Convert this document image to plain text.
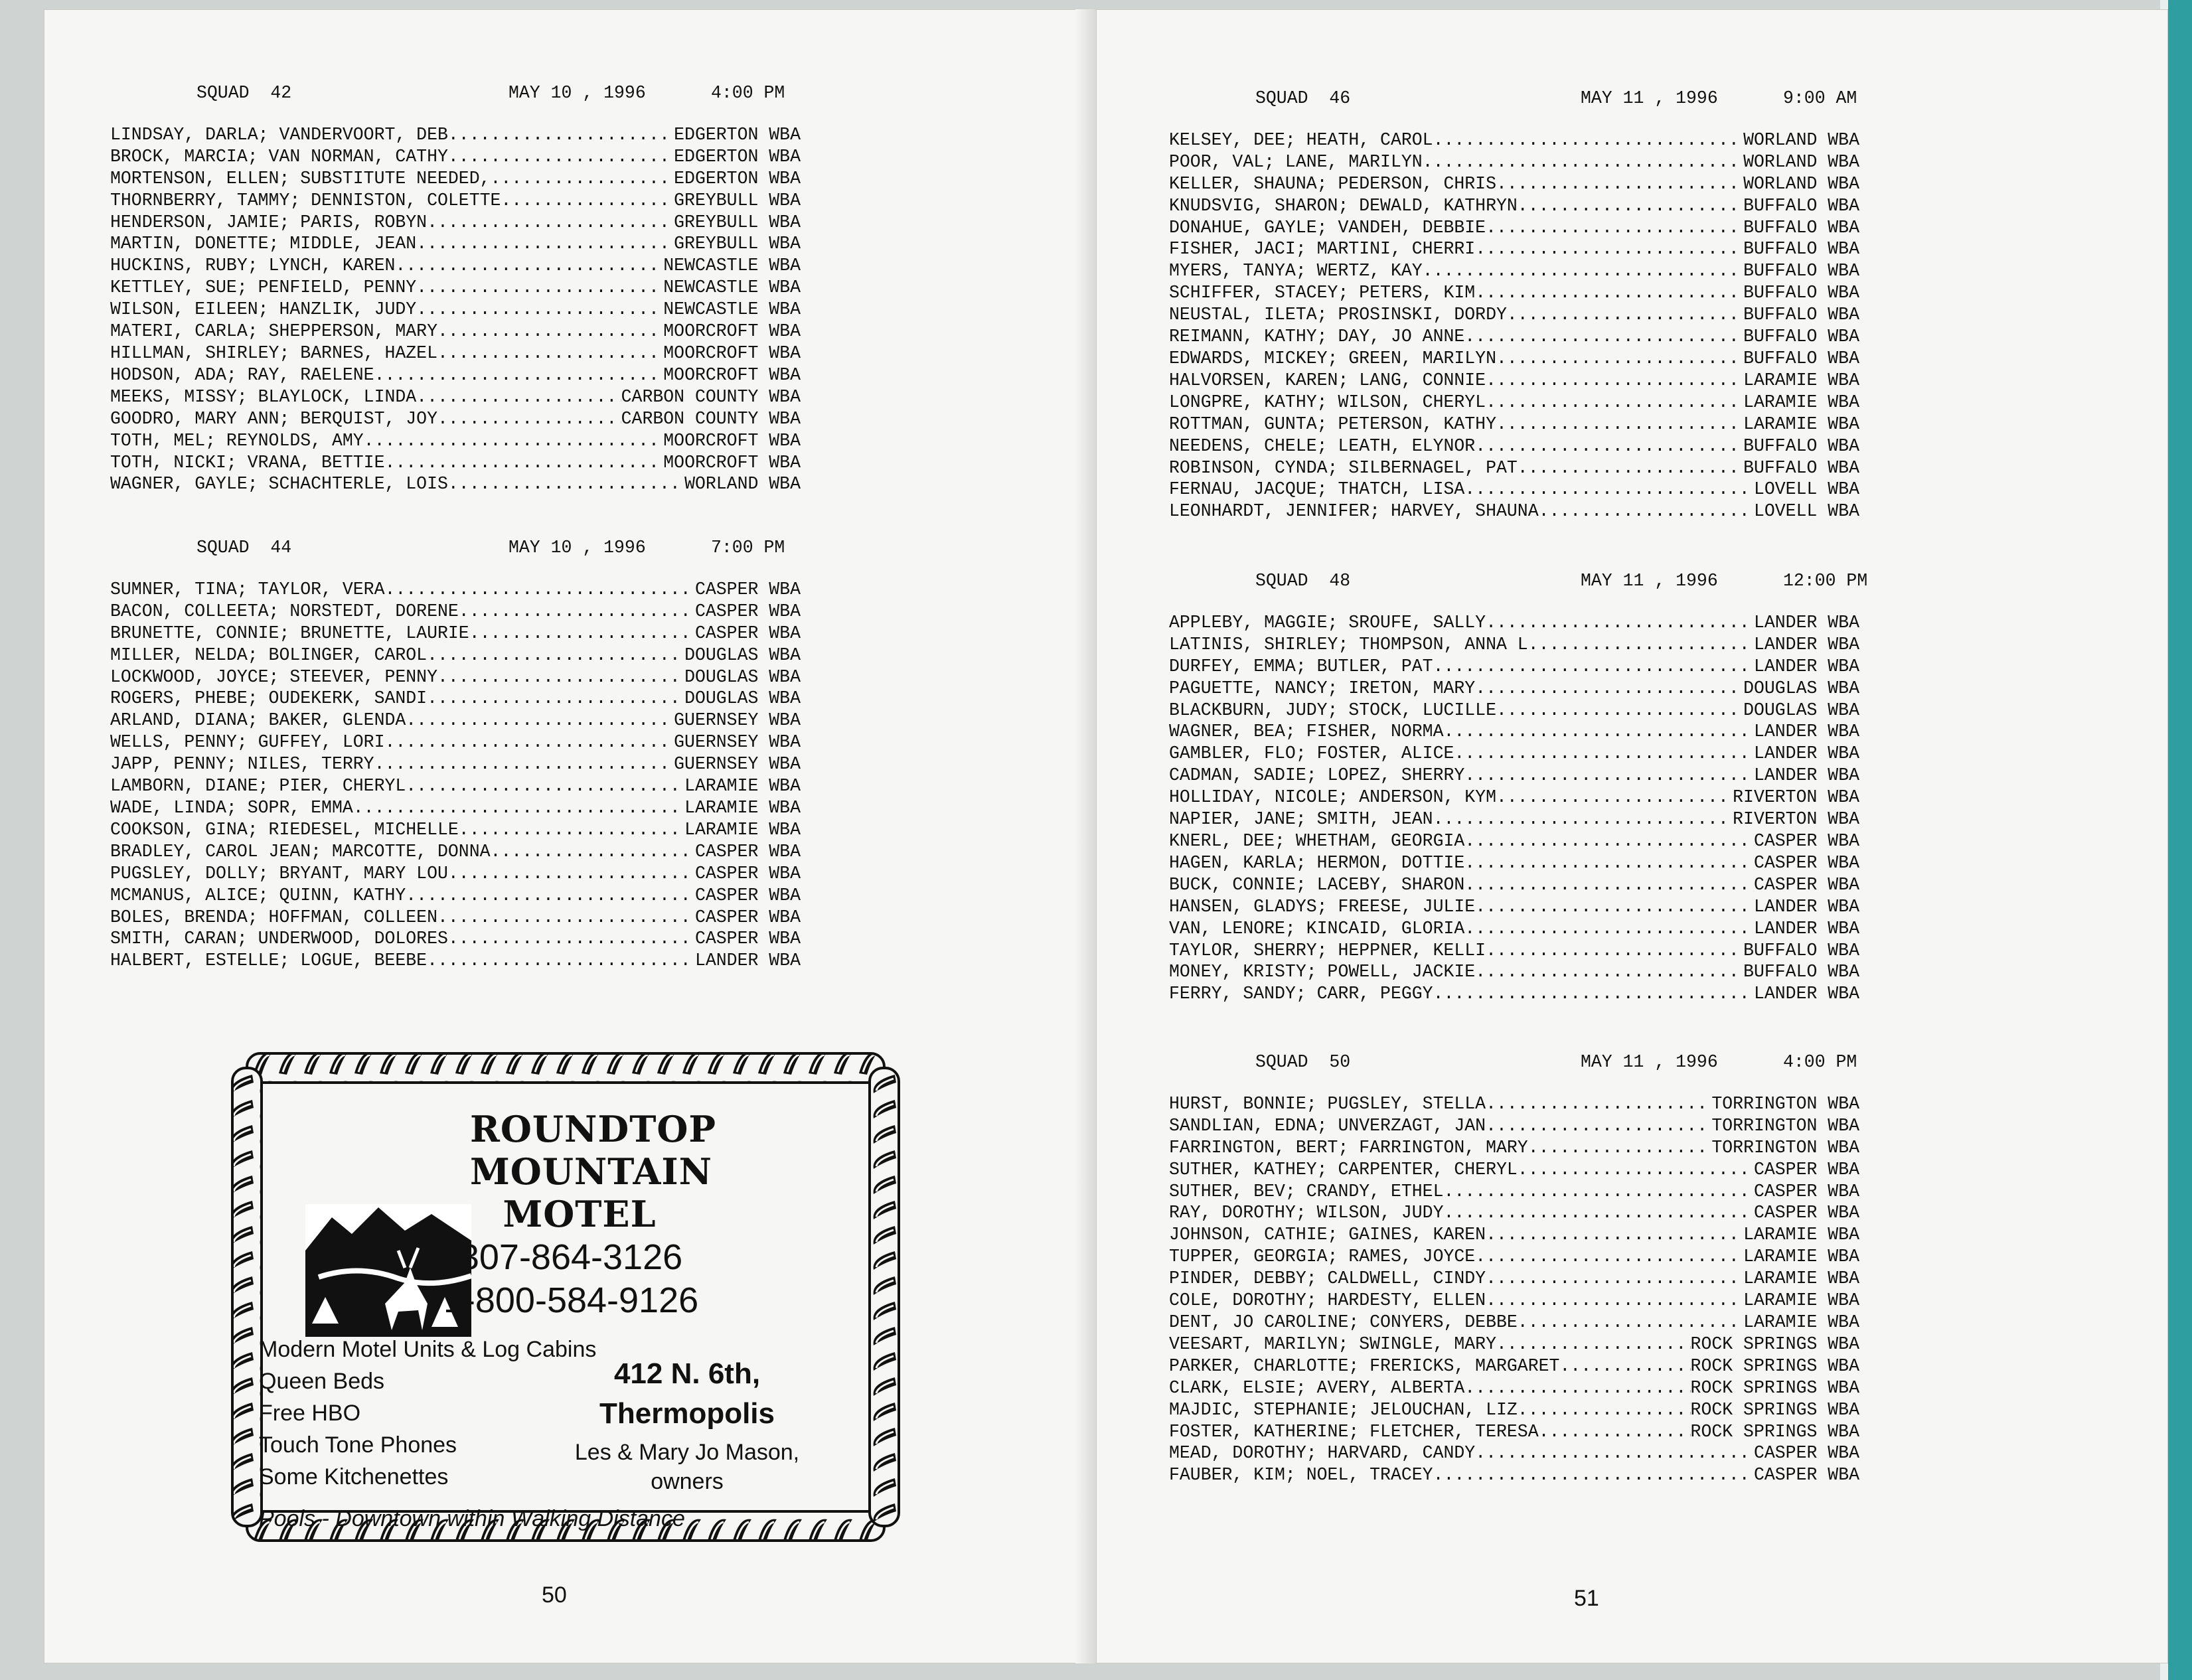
SQUAD  42	MAY 10 , 1996	4:00 PM
LINDSAY, DARLA; VANDERVOORT, DEB .....	EDGERTON WBA
BROCK, MARCIA; VAN NORMAN, CATHY .....	EDGERTON WBA
MORTENSON, ELLEN; SUBSTITUTE NEEDED, .....	EDGERTON WBA
THORNBERRY, TAMMY; DENNISTON, COLETTE .....	GREYBULL WBA
HENDERSON, JAMIE; PARIS, ROBYN .....	GREYBULL WBA
MARTIN, DONETTE; MIDDLE, JEAN .....	GREYBULL WBA
HUCKINS, RUBY; LYNCH, KAREN .....	NEWCASTLE WBA
KETTLEY, SUE; PENFIELD, PENNY .....	NEWCASTLE WBA
WILSON, EILEEN; HANZLIK, JUDY .....	NEWCASTLE WBA
MATERI, CARLA; SHEPPERSON, MARY .....	MOORCROFT WBA
HILLMAN, SHIRLEY; BARNES, HAZEL .....	MOORCROFT WBA
HODSON, ADA; RAY, RAELENE .....	MOORCROFT WBA
MEEKS, MISSY; BLAYLOCK, LINDA .....	CARBON COUNTY WBA
GOODRO, MARY ANN; BERQUIST, JOY .....	CARBON COUNTY WBA
TOTH, MEL; REYNOLDS, AMY .....	MOORCROFT WBA
TOTH, NICKI; VRANA, BETTIE .....	MOORCROFT WBA
WAGNER, GAYLE; SCHACHTERLE, LOIS .....	WORLAND WBA
SQUAD  44	MAY 10 , 1996	7:00 PM
SUMNER, TINA; TAYLOR, VERA .....	CASPER WBA
BACON, COLLEETA; NORSTEDT, DORENE .....	CASPER WBA
BRUNETTE, CONNIE; BRUNETTE, LAURIE .....	CASPER WBA
MILLER, NELDA; BOLINGER, CAROL .....	DOUGLAS WBA
LOCKWOOD, JOYCE; STEEVER, PENNY .....	DOUGLAS WBA
ROGERS, PHEBE; OUDEKERK, SANDI .....	DOUGLAS WBA
ARLAND, DIANA; BAKER, GLENDA .....	GUERNSEY WBA
WELLS, PENNY; GUFFEY, LORI .....	GUERNSEY WBA
JAPP, PENNY; NILES, TERRY .....	GUERNSEY WBA
LAMBORN, DIANE; PIER, CHERYL .....	LARAMIE WBA
WADE, LINDA; SOPR, EMMA .....	LARAMIE WBA
COOKSON, GINA; RIEDESEL, MICHELLE .....	LARAMIE WBA
BRADLEY, CAROL JEAN; MARCOTTE, DONNA .....	CASPER WBA
PUGSLEY, DOLLY; BRYANT, MARY LOU .....	CASPER WBA
MCMANUS, ALICE; QUINN, KATHY .....	CASPER WBA
BOLES, BRENDA; HOFFMAN, COLLEEN .....	CASPER WBA
SMITH, CARAN; UNDERWOOD, DOLORES .....	CASPER WBA
HALBERT, ESTELLE; LOGUE, BEEBE .....	LANDER WBA
ROUNDTOP
MOUNTAIN
MOTEL
307-864-3126
1-800-584-9126
Modern Motel Units & Log Cabins
Queen Beds
Free HBO
Touch Tone Phones
Some Kitchenettes
412 N. 6th,
Thermopolis
Les & Mary Jo Mason,
owners
Pools - Downtown within Walking Distance
50
SQUAD  46	MAY 11 , 1996	9:00 AM
KELSEY, DEE; HEATH, CAROL .....	WORLAND WBA
POOR, VAL; LANE, MARILYN .....	WORLAND WBA
KELLER, SHAUNA; PEDERSON, CHRIS .....	WORLAND WBA
KNUDSVIG, SHARON; DEWALD, KATHRYN .....	BUFFALO WBA
DONAHUE, GAYLE; VANDEH, DEBBIE .....	BUFFALO WBA
FISHER, JACI; MARTINI, CHERRI .....	BUFFALO WBA
MYERS, TANYA; WERTZ, KAY .....	BUFFALO WBA
SCHIFFER, STACEY; PETERS, KIM .....	BUFFALO WBA
NEUSTAL, ILETA; PROSINSKI, DORDY .....	BUFFALO WBA
REIMANN, KATHY; DAY, JO ANNE .....	BUFFALO WBA
EDWARDS, MICKEY; GREEN, MARILYN .....	BUFFALO WBA
HALVORSEN, KAREN; LANG, CONNIE .....	LARAMIE WBA
LONGPRE, KATHY; WILSON, CHERYL .....	LARAMIE WBA
ROTTMAN, GUNTA; PETERSON, KATHY .....	LARAMIE WBA
NEEDENS, CHELE; LEATH, ELYNOR .....	BUFFALO WBA
ROBINSON, CYNDA; SILBERNAGEL, PAT .....	BUFFALO WBA
FERNAU, JACQUE; THATCH, LISA .....	LOVELL WBA
LEONHARDT, JENNIFER; HARVEY, SHAUNA .....	LOVELL WBA
SQUAD  48	MAY 11 , 1996	12:00 PM
APPLEBY, MAGGIE; SROUFE, SALLY .....	LANDER WBA
LATINIS, SHIRLEY; THOMPSON, ANNA L .....	LANDER WBA
DURFEY, EMMA; BUTLER, PAT .....	LANDER WBA
PAGUETTE, NANCY; IRETON, MARY .....	DOUGLAS WBA
BLACKBURN, JUDY; STOCK, LUCILLE .....	DOUGLAS WBA
WAGNER, BEA; FISHER, NORMA .....	LANDER WBA
GAMBLER, FLO; FOSTER, ALICE .....	LANDER WBA
CADMAN, SADIE; LOPEZ, SHERRY .....	LANDER WBA
HOLLIDAY, NICOLE; ANDERSON, KYM .....	RIVERTON WBA
NAPIER, JANE; SMITH, JEAN .....	RIVERTON WBA
KNERL, DEE; WHETHAM, GEORGIA .....	CASPER WBA
HAGEN, KARLA; HERMON, DOTTIE .....	CASPER WBA
BUCK, CONNIE; LACEBY, SHARON .....	CASPER WBA
HANSEN, GLADYS; FREESE, JULIE .....	LANDER WBA
VAN, LENORE; KINCAID, GLORIA .....	LANDER WBA
TAYLOR, SHERRY; HEPPNER, KELLI .....	BUFFALO WBA
MONEY, KRISTY; POWELL, JACKIE .....	BUFFALO WBA
FERRY, SANDY; CARR, PEGGY .....	LANDER WBA
SQUAD  50	MAY 11 , 1996	4:00 PM
HURST, BONNIE; PUGSLEY, STELLA .....	TORRINGTON WBA
SANDLIAN, EDNA; UNVERZAGT, JAN .....	TORRINGTON WBA
FARRINGTON, BERT; FARRINGTON, MARY .....	TORRINGTON WBA
SUTHER, KATHEY; CARPENTER, CHERYL .....	CASPER WBA
SUTHER, BEV; CRANDY, ETHEL .....	CASPER WBA
RAY, DOROTHY; WILSON, JUDY .....	CASPER WBA
JOHNSON, CATHIE; GAINES, KAREN .....	LARAMIE WBA
TUPPER, GEORGIA; RAMES, JOYCE .....	LARAMIE WBA
PINDER, DEBBY; CALDWELL, CINDY .....	LARAMIE WBA
COLE, DOROTHY; HARDESTY, ELLEN .....	LARAMIE WBA
DENT, JO CAROLINE; CONYERS, DEBBE .....	LARAMIE WBA
VEESART, MARILYN; SWINGLE, MARY .....	ROCK SPRINGS WBA
PARKER, CHARLOTTE; FRERICKS, MARGARET .....	ROCK SPRINGS WBA
CLARK, ELSIE; AVERY, ALBERTA .....	ROCK SPRINGS WBA
MAJDIC, STEPHANIE; JELOUCHAN, LIZ .....	ROCK SPRINGS WBA
FOSTER, KATHERINE; FLETCHER, TERESA .....	ROCK SPRINGS WBA
MEAD, DOROTHY; HARVARD, CANDY .....	CASPER WBA
FAUBER, KIM; NOEL, TRACEY .....	CASPER WBA
51
